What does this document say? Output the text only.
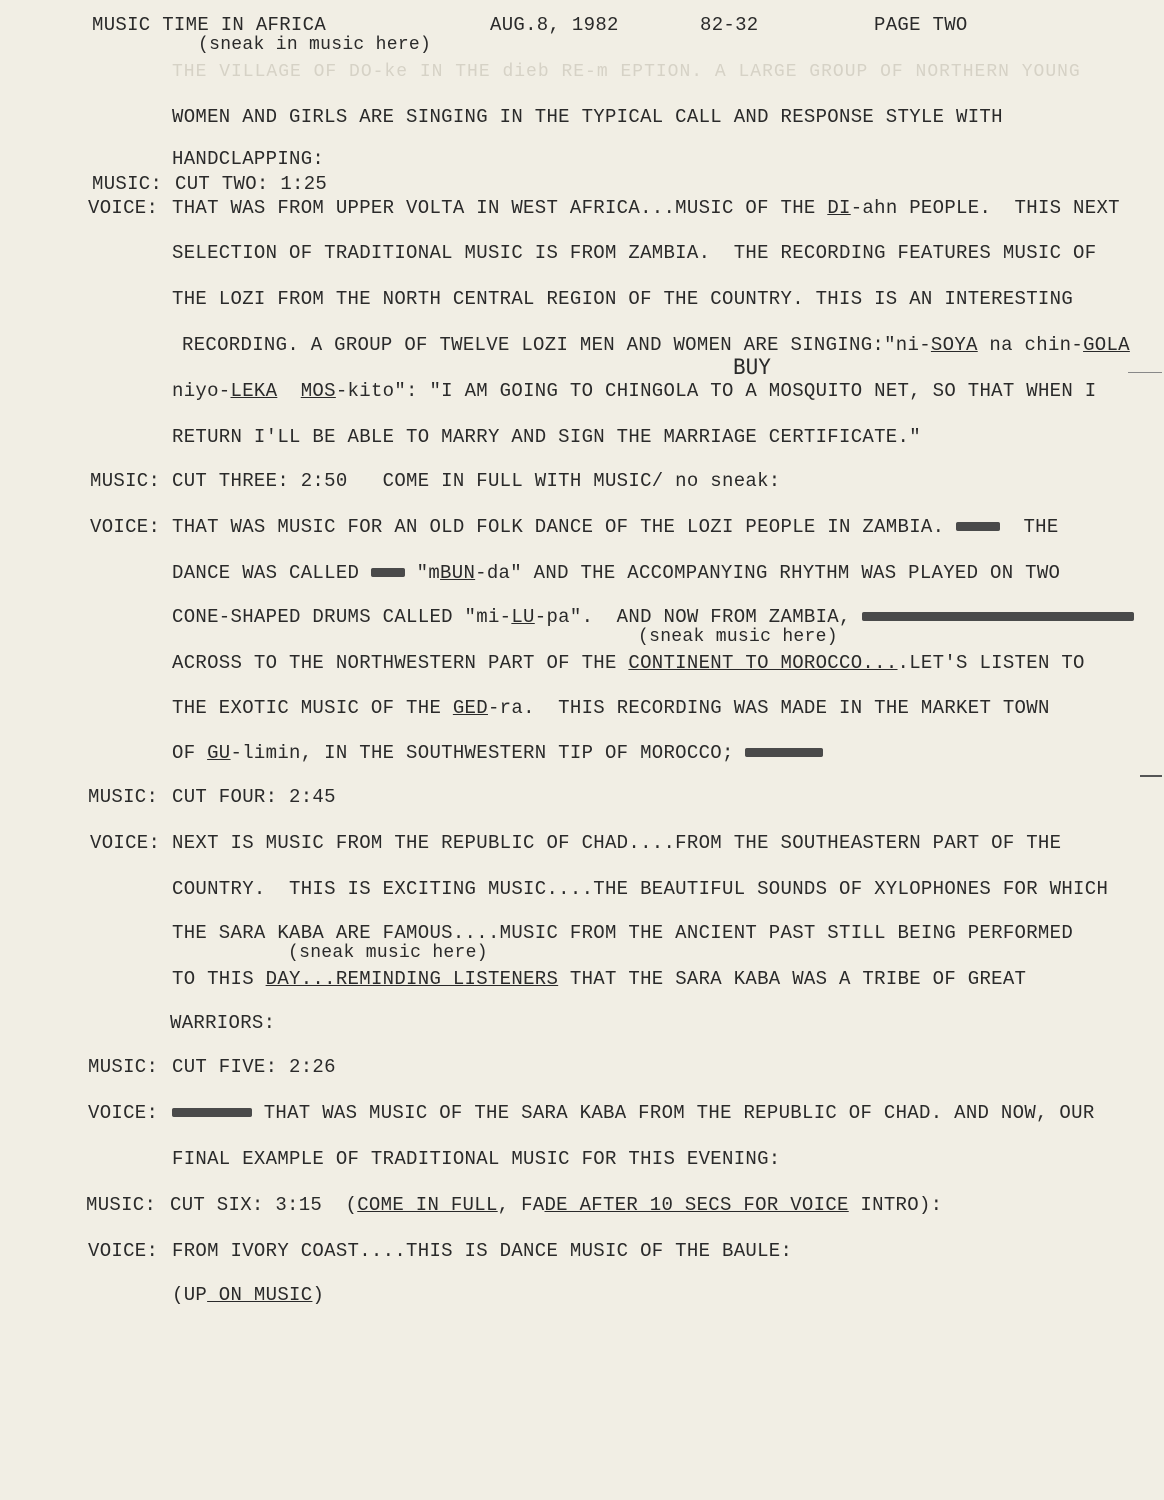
MUSIC TIME IN AFRICA	AUG.8, 1982	82-32	PAGE TWO
(sneak in music here)
THE VILLAGE OF DO-ke IN THE dieb RE-m EPTION. A LARGE GROUP OF NORTHERN YOUNG
WOMEN AND GIRLS ARE SINGING IN THE TYPICAL CALL AND RESPONSE STYLE WITH
HANDCLAPPING:
MUSIC: CUT TWO: 1:25
VOICE: THAT WAS FROM UPPER VOLTA IN WEST AFRICA...MUSIC OF THE DI-ahn PEOPLE.  THIS NEXT
SELECTION OF TRADITIONAL MUSIC IS FROM ZAMBIA.  THE RECORDING FEATURES MUSIC OF
THE LOZI FROM THE NORTH CENTRAL REGION OF THE COUNTRY. THIS IS AN INTERESTING
RECORDING. A GROUP OF TWELVE LOZI MEN AND WOMEN ARE SINGING:"ni-SOYA na chin-GOLA
BUY
niyo-LEKA MOS-kito": "I AM GOING TO CHINGOLA TO A MOSQUITO NET, SO THAT WHEN I
RETURN I'LL BE ABLE TO MARRY AND SIGN THE MARRIAGE CERTIFICATE."
MUSIC: CUT THREE: 2:50   COME IN FULL WITH MUSIC/ no sneak:
VOICE: THAT WAS MUSIC FOR AN OLD FOLK DANCE OF THE LOZI PEOPLE IN ZAMBIA.	THE
DANCE WAS CALLED	"mBUN-da" AND THE ACCOMPANYING RHYTHM WAS PLAYED ON TWO
CONE-SHAPED DRUMS CALLED "mi-LU-pa".  AND NOW FROM ZAMBIA,
(sneak music here)
ACROSS TO THE NORTHWESTERN PART OF THE CONTINENT TO MOROCCO....LET'S LISTEN TO
THE EXOTIC MUSIC OF THE GED-ra.  THIS RECORDING WAS MADE IN THE MARKET TOWN
OF GU-limin, IN THE SOUTHWESTERN TIP OF MOROCCO;
MUSIC: CUT FOUR: 2:45
VOICE: NEXT IS MUSIC FROM THE REPUBLIC OF CHAD....FROM THE SOUTHEASTERN PART OF THE
COUNTRY.  THIS IS EXCITING MUSIC....THE BEAUTIFUL SOUNDS OF XYLOPHONES FOR WHICH
THE SARA KABA ARE FAMOUS....MUSIC FROM THE ANCIENT PAST STILL BEING PERFORMED
(sneak music here)
TO THIS DAY...REMINDING LISTENERS THAT THE SARA KABA WAS A TRIBE OF GREAT
WARRIORS:
MUSIC: CUT FIVE: 2:26
VOICE:	THAT WAS MUSIC OF THE SARA KABA FROM THE REPUBLIC OF CHAD. AND NOW, OUR
FINAL EXAMPLE OF TRADITIONAL MUSIC FOR THIS EVENING:
MUSIC: CUT SIX: 3:15  (COME IN FULL, FADE AFTER 10 SECS FOR VOICE INTRO):
VOICE: FROM IVORY COAST....THIS IS DANCE MUSIC OF THE BAULE:
(UP ON MUSIC)
